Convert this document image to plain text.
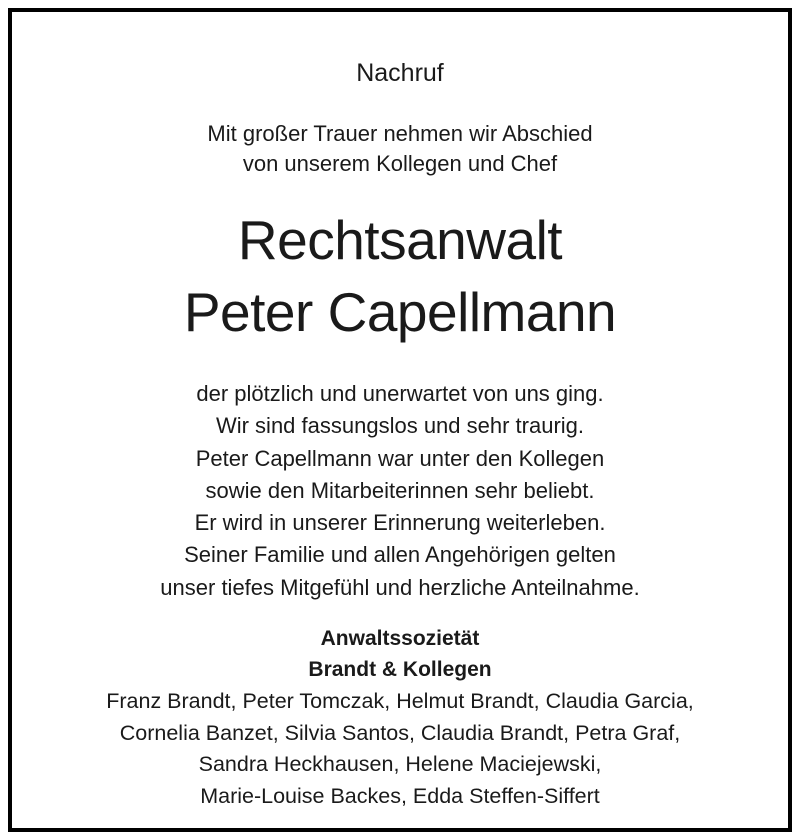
Nachruf
Mit großer Trauer nehmen wir Abschied
von unserem Kollegen und Chef
Rechtsanwalt
Peter Capellmann
der plötzlich und unerwartet von uns ging.
Wir sind fassungslos und sehr traurig.
Peter Capellmann war unter den Kollegen
sowie den Mitarbeiterinnen sehr beliebt.
Er wird in unserer Erinnerung weiterleben.
Seiner Familie und allen Angehörigen gelten
unser tiefes Mitgefühl und herzliche Anteilnahme.
Anwaltssozietät
Brandt & Kollegen
Franz Brandt, Peter Tomczak, Helmut Brandt, Claudia Garcia,
Cornelia Banzet, Silvia Santos, Claudia Brandt, Petra Graf,
Sandra Heckhausen, Helene Maciejewski,
Marie-Louise Backes, Edda Steffen-Siffert
